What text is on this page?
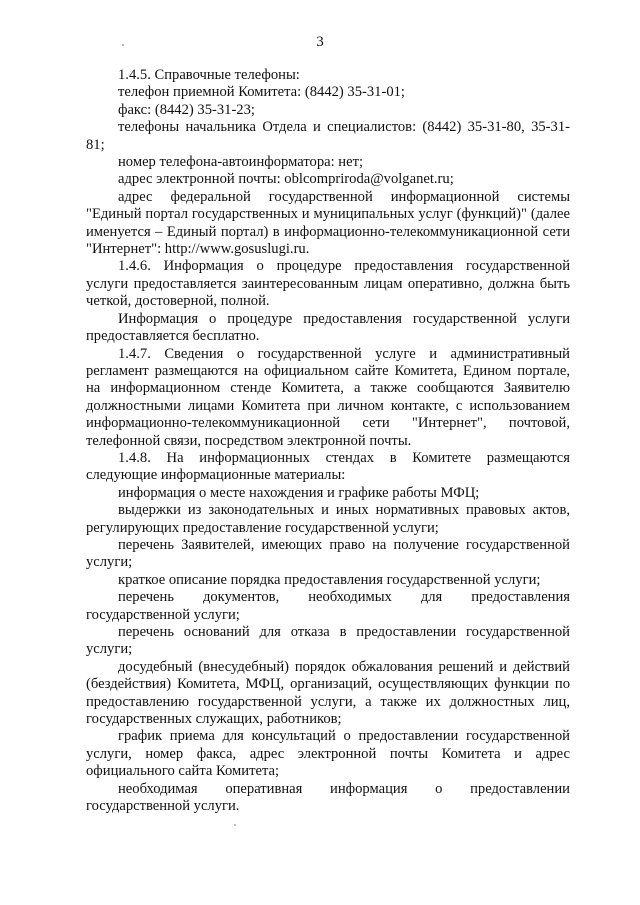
3

1.4.5. Справочные телефоны:

телефон приемной Комитета: (8442) 35-31-01;

факс: (8442) 35-31-23;

телефоны начальника Отдела и специалистов: (8442) 35-31-80, 35-31-81;

номер телефона-автоинформатора: нет;

адрес электронной почты: oblcompriroda@volganet.ru;

адрес федеральной государственной информационной системы "Единый портал государственных и муниципальных услуг (функций)" (далее именуется – Единый портал) в информационно-телекоммуникационной сети "Интернет": http://www.gosuslugi.ru.

1.4.6. Информация о процедуре предоставления государственной услуги предоставляется заинтересованным лицам оперативно, должна быть четкой, достоверной, полной.

Информация о процедуре предоставления государственной услуги предоставляется бесплатно.

1.4.7. Сведения о государственной услуге и административный регламент размещаются на официальном сайте Комитета, Едином портале, на информационном стенде Комитета, а также сообщаются Заявителю должностными лицами Комитета при личном контакте, с использованием информационно-телекоммуникационной сети "Интернет", почтовой, телефонной связи, посредством электронной почты.

1.4.8. На информационных стендах в Комитете размещаются следующие информационные материалы:

информация о месте нахождения и графике работы МФЦ;

выдержки из законодательных и иных нормативных правовых актов, регулирующих предоставление государственной услуги;

перечень Заявителей, имеющих право на получение государственной услуги;

краткое описание порядка предоставления государственной услуги;

перечень документов, необходимых для предоставления государственной услуги;

перечень оснований для отказа в предоставлении государственной услуги;

досудебный (внесудебный) порядок обжалования решений и действий (бездействия) Комитета, МФЦ, организаций, осуществляющих функции по предоставлению государственной услуги, а также их должностных лиц, государственных служащих, работников;

график приема для консультаций о предоставлении государственной услуги, номер факса, адрес электронной почты Комитета и адрес официального сайта Комитета;

необходимая оперативная информация о предоставлении государственной услуги.
